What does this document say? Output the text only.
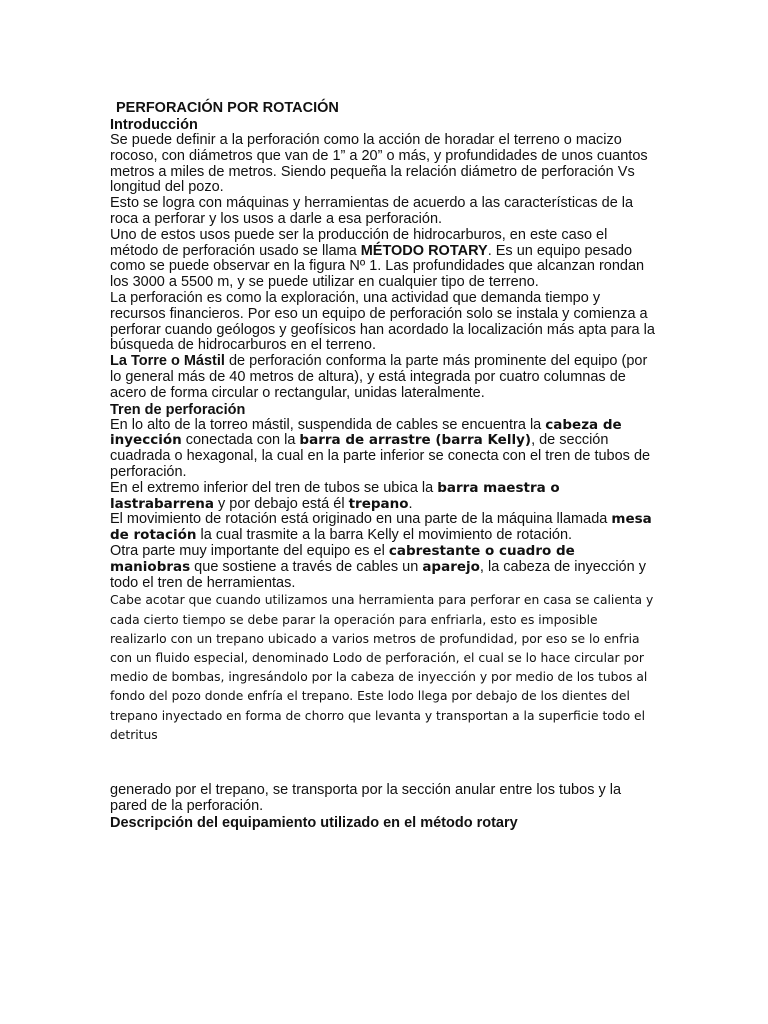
PERFORACIÓN POR ROTACIÓN

Introducción

Se puede definir a la perforación como la acción de horadar el terreno o macizo rocoso, con diámetros que van de 1” a 20” o más, y profundidades de unos cuantos metros a miles de metros. Siendo pequeña la relación diámetro de perforación Vs longitud del pozo.

Esto se logra con máquinas y herramientas de acuerdo a las características de la roca a perforar y los usos a darle a esa perforación.

Uno de estos usos puede ser la producción de hidrocarburos, en este caso el método de perforación usado se llama MÉTODO ROTARY. Es un equipo pesado como se puede observar en la figura Nº 1. Las profundidades que alcanzan rondan los 3000 a 5500 m, y se puede utilizar en cualquier tipo de terreno.

La perforación es como la exploración, una actividad que demanda tiempo y recursos financieros. Por eso un equipo de perforación solo se instala y comienza a perforar cuando geólogos y geofísicos han acordado la localización más apta para la búsqueda de hidrocarburos en el terreno.

La Torre o Mástil de perforación conforma la parte más prominente del equipo (por lo general más de 40 metros de altura), y está integrada por cuatro columnas de acero de forma circular o rectangular, unidas lateralmente.

Tren de perforación

En lo alto de la torreo mástil, suspendida de cables se encuentra la cabeza de inyección conectada con la barra de arrastre (barra Kelly), de sección cuadrada o hexagonal, la cual en la parte inferior se conecta con el tren de tubos de perforación.

En el extremo inferior del tren de tubos se ubica la barra maestra o lastrabarrena y por debajo está él trepano.

El movimiento de rotación está originado en una parte de la máquina llamada mesa de rotación la cual trasmite a la barra Kelly el movimiento de rotación.

Otra parte muy importante del equipo es el cabrestante o cuadro de maniobras que sostiene a través de cables un aparejo, la cabeza de inyección y todo el tren de herramientas.

Cabe acotar que cuando utilizamos una herramienta para perforar en casa se calienta y cada cierto tiempo se debe parar la operación para enfriarla, esto es imposible realizarlo con un trepano ubicado a varios metros de profundidad, por eso se lo enfria con un fluido especial, denominado Lodo de perforación, el cual se lo hace circular por medio de bombas, ingresándolo por la cabeza de inyección y por medio de los tubos al fondo del pozo donde enfría el trepano. Este lodo llega por debajo de los dientes del trepano inyectado en forma de chorro que levanta y transportan a la superficie todo el detritus

generado por el trepano, se transporta por la sección anular entre los tubos y la pared de la perforación.

Descripción del equipamiento utilizado en el método rotary
